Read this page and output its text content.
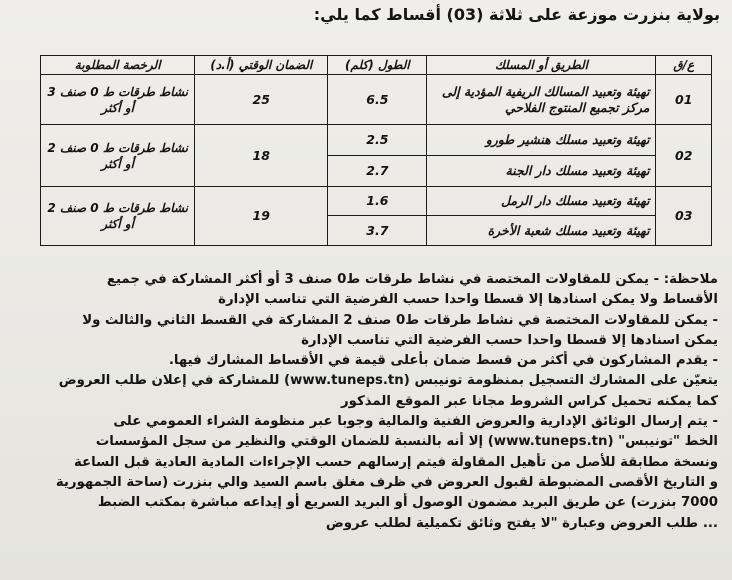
بولاية بنزرت موزعة على ثلاثة (03) أقساط كما يلي:
ع/ق	الطريق أو المسلك	الطول (كلم)	الضمان الوقتي (أ.د)	الرخصة المطلوبة
01	تهيئة وتعبيد المسالك الريفية المؤدية إلى مركز تجميع المنتوج الفلاحي	6.5	25	نشاط طرقات ط 0 صنف 3 أو أكثر
02	تهيئة وتعبيد مسلك هنشير طورو	2.5	18	نشاط طرقات ط 0 صنف 2 أو أكثر
	تهيئة وتعبيد مسلك دار الجنة	2.7		
03	تهيئة وتعبيد مسلك دار الرمل	1.6	19	نشاط طرقات ط 0 صنف 2 أو أكثر
	تهيئة وتعبيد مسلك شعبة الأخرة	3.7		

ملاحظة: - يمكن للمقاولات المختصة في نشاط طرقات ط0 صنف 3 أو أكثر المشاركة في جميع

الأقساط ولا يمكن اسنادها إلا قسطا واحدا حسب الفرضية التي تناسب الإدارة

- يمكن للمقاولات المختصة في نشاط طرقات ط0 صنف 2 المشاركة في القسط الثاني والثالث ولا

يمكن اسنادها إلا قسطا واحدا حسب الفرضية التي تناسب الإدارة

- يقدم المشاركون في أكثر من قسط ضمان بأعلى قيمة في الأقساط المشارك فيها.

يتعيّن على المشارك التسجيل بمنظومة تونيبس (www.tuneps.tn) للمشاركة في إعلان طلب العروض

كما يمكنه تحميل كراس الشروط مجانا عبر الموقع المذكور

- يتم إرسال الوثائق الإدارية والعروض الفنية والمالية وجوبا عبر منظومة الشراء العمومي على

الخط "تونيبس" (www.tuneps.tn) إلا أنه بالنسبة للضمان الوقتي والنظير من سجل المؤسسات

ونسخة مطابقة للأصل من تأهيل المقاولة فيتم إرسالهم حسب الإجراءات المادية العادية قبل الساعة

و التاريخ الأقصى المضبوطة لقبول العروض في ظرف مغلق باسم السيد والي بنزرت (ساحة الجمهورية

7000 بنزرت) عن طريق البريد مضمون الوصول أو البريد السريع أو إيداعه مباشرة بمكتب الضبط

... طلب العروض وعبارة "لا يفتح وثائق تكميلية لطلب عروض
